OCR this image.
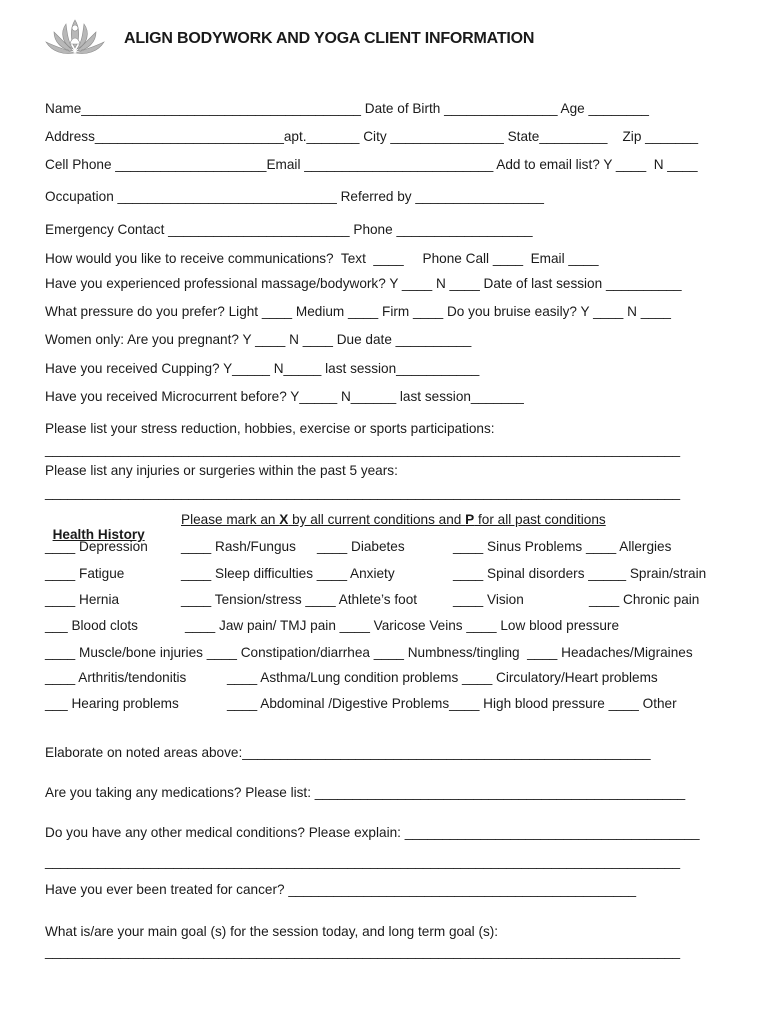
ALIGN BODYWORK AND YOGA CLIENT INFORMATION
Name_____________________________________ Date of Birth _______________ Age ________
Address_________________________apt._______ City _______________ State_________    Zip _______
Cell Phone ____________________Email _________________________ Add to email list? Y ____  N ____
Occupation _____________________________ Referred by _________________
Emergency Contact ________________________ Phone __________________
How would you like to receive communications?  Text  ____     Phone Call ____  Email ____
Have you experienced professional massage/bodywork? Y ____ N ____ Date of last session __________
What pressure do you prefer? Light ____ Medium ____ Firm ____ Do you bruise easily? Y ____ N ____
Women only: Are you pregnant? Y ____ N ____ Due date __________
Have you received Cupping? Y_____ N_____ last session___________
Have you received Microcurrent before? Y_____ N______ last session_______
Please list your stress reduction, hobbies, exercise or sports participations:
____________________________________________________________________________________
Please list any injuries or surgeries within the past 5 years:
____________________________________________________________________________________

Health History

Please mark an X by all current conditions and P for all past conditions

____ Depression ____ Rash/Fungus ____ Diabetes	____ Sinus Problems ____ Allergies
____ Fatigue	____ Sleep difficulties ____ Anxiety	____ Spinal disorders _____ Sprain/strain
____ Hernia	____ Tension/stress ____ Athlete’s foot	____ Vision	____ Chronic pain
___ Blood clots	____ Jaw pain/ TMJ pain ____ Varicose Veins ____ Low blood pressure
____ Muscle/bone injuries ____ Constipation/diarrhea ____ Numbness/tingling  ____ Headaches/Migraines
____ Arthritis/tendonitis	____ Asthma/Lung condition problems ____ Circulatory/Heart problems
___ Hearing problems	____ Abdominal /Digestive Problems____ High blood pressure ____ Other
Elaborate on noted areas above:______________________________________________________
Are you taking any medications? Please list: _________________________________________________
Do you have any other medical conditions? Please explain: _______________________________________
____________________________________________________________________________________
Have you ever been treated for cancer? ______________________________________________
What is/are your main goal (s) for the session today, and long term goal (s):
____________________________________________________________________________________
